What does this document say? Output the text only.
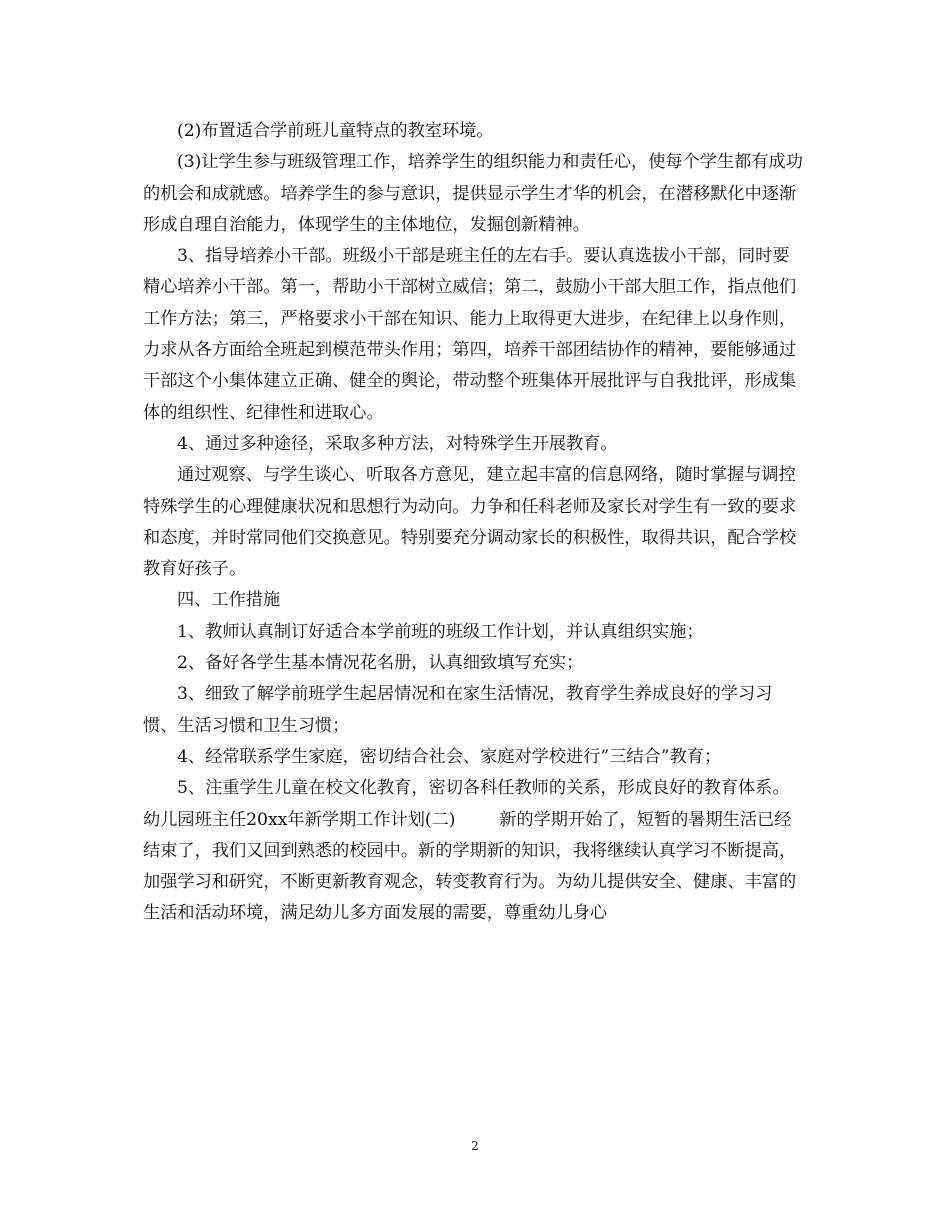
(2)布置适合学前班儿童特点的教室环境。

(3)让学生参与班级管理工作，培养学生的组织能力和责任心，使每个学生都有成功的机会和成就感。培养学生的参与意识，提供显示学生才华的机会，在潜移默化中逐渐形成自理自治能力，体现学生的主体地位，发掘创新精神。

3、指导培养小干部。班级小干部是班主任的左右手。要认真选拔小干部，同时要精心培养小干部。第一，帮助小干部树立威信；第二，鼓励小干部大胆工作，指点他们工作方法；第三，严格要求小干部在知识、能力上取得更大进步，在纪律上以身作则，力求从各方面给全班起到模范带头作用；第四，培养干部团结协作的精神，要能够通过干部这个小集体建立正确、健全的舆论，带动整个班集体开展批评与自我批评，形成集体的组织性、纪律性和进取心。

4、通过多种途径，采取多种方法，对特殊学生开展教育。

通过观察、与学生谈心、听取各方意见，建立起丰富的信息网络，随时掌握与调控特殊学生的心理健康状况和思想行为动向。力争和任科老师及家长对学生有一致的要求和态度，并时常同他们交换意见。特别要充分调动家长的积极性，取得共识，配合学校教育好孩子。

四、工作措施

1、教师认真制订好适合本学前班的班级工作计划，并认真组织实施；

2、备好各学生基本情况花名册，认真细致填写充实；

3、细致了解学前班学生起居情况和在家生活情况，教育学生养成良好的学习习惯、生活习惯和卫生习惯；

4、经常联系学生家庭，密切结合社会、家庭对学校进行”三结合”教育；

5、注重学生儿童在校文化教育，密切各科任教师的关系，形成良好的教育体系。

幼儿园班主任20xx年新学期工作计划(二)        新的学期开始了，短暂的暑期生活已经结束了，我们又回到熟悉的校园中。新的学期新的知识，我将继续认真学习不断提高，加强学习和研究，不断更新教育观念，转变教育行为。为幼儿提供安全、健康、丰富的生活和活动环境，满足幼儿多方面发展的需要，尊重幼儿身心

2
